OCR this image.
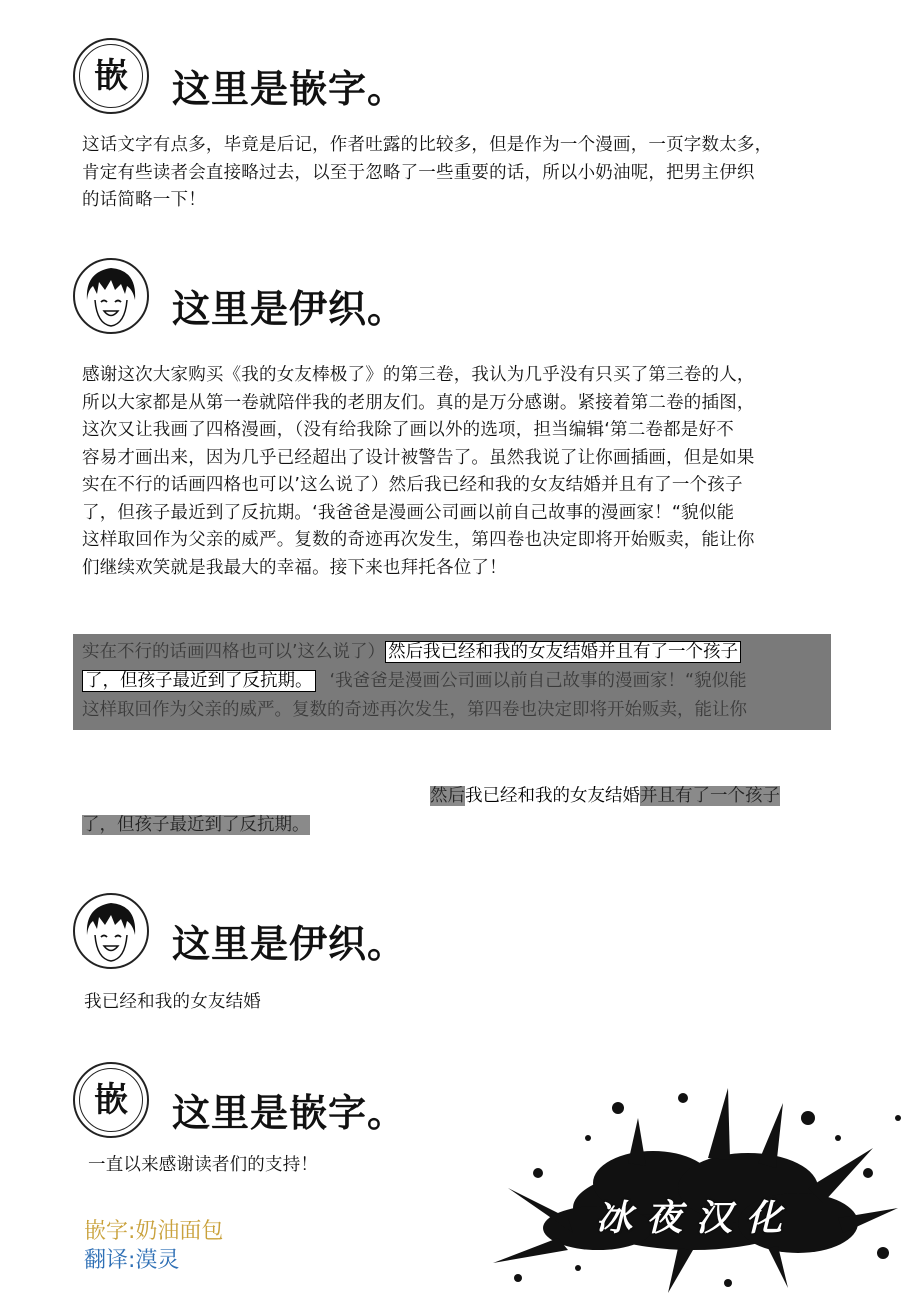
嵌 这里是嵌字。
这话文字有点多，毕竟是后记，作者吐露的比较多，但是作为一个漫画，一页字数太多，
肯定有些读者会直接略过去，以至于忽略了一些重要的话，所以小奶油呢，把男主伊织
的话简略一下！
这里是伊织。
感谢这次大家购买《我的女友棒极了》的第三卷，我认为几乎没有只买了第三卷的人，
所以大家都是从第一卷就陪伴我的老朋友们。真的是万分感谢。紧接着第二卷的插图，
这次又让我画了四格漫画，（没有给我除了画以外的选项，担当编辑‘第二卷都是好不
容易才画出来，因为几乎已经超出了设计被警告了。虽然我说了让你画插画，但是如果
实在不行的话画四格也可以’这么说了）然后我已经和我的女友结婚并且有了一个孩子
了，但孩子最近到了反抗期。‘我爸爸是漫画公司画以前自己故事的漫画家！“貌似能
这样取回作为父亲的威严。复数的奇迹再次发生，第四卷也决定即将开始贩卖，能让你
们继续欢笑就是我最大的幸福。接下来也拜托各位了！
实在不行的话画四格也可以’这么说了） 然后我已经和我的女友结婚并且有了一个孩子
了，但孩子最近到了反抗期。 ‘我爸爸是漫画公司画以前自己故事的漫画家！“貌似能
这样取回作为父亲的威严。复数的奇迹再次发生，第四卷也决定即将开始贩卖，能让你
然后我已经和我的女友结婚并且有了一个孩子
了，但孩子最近到了反抗期。
这里是伊织。
我已经和我的女友结婚
嵌 这里是嵌字。
一直以来感谢读者们的支持！
嵌字:奶油面包
翻译:漠灵
冰夜汉化
